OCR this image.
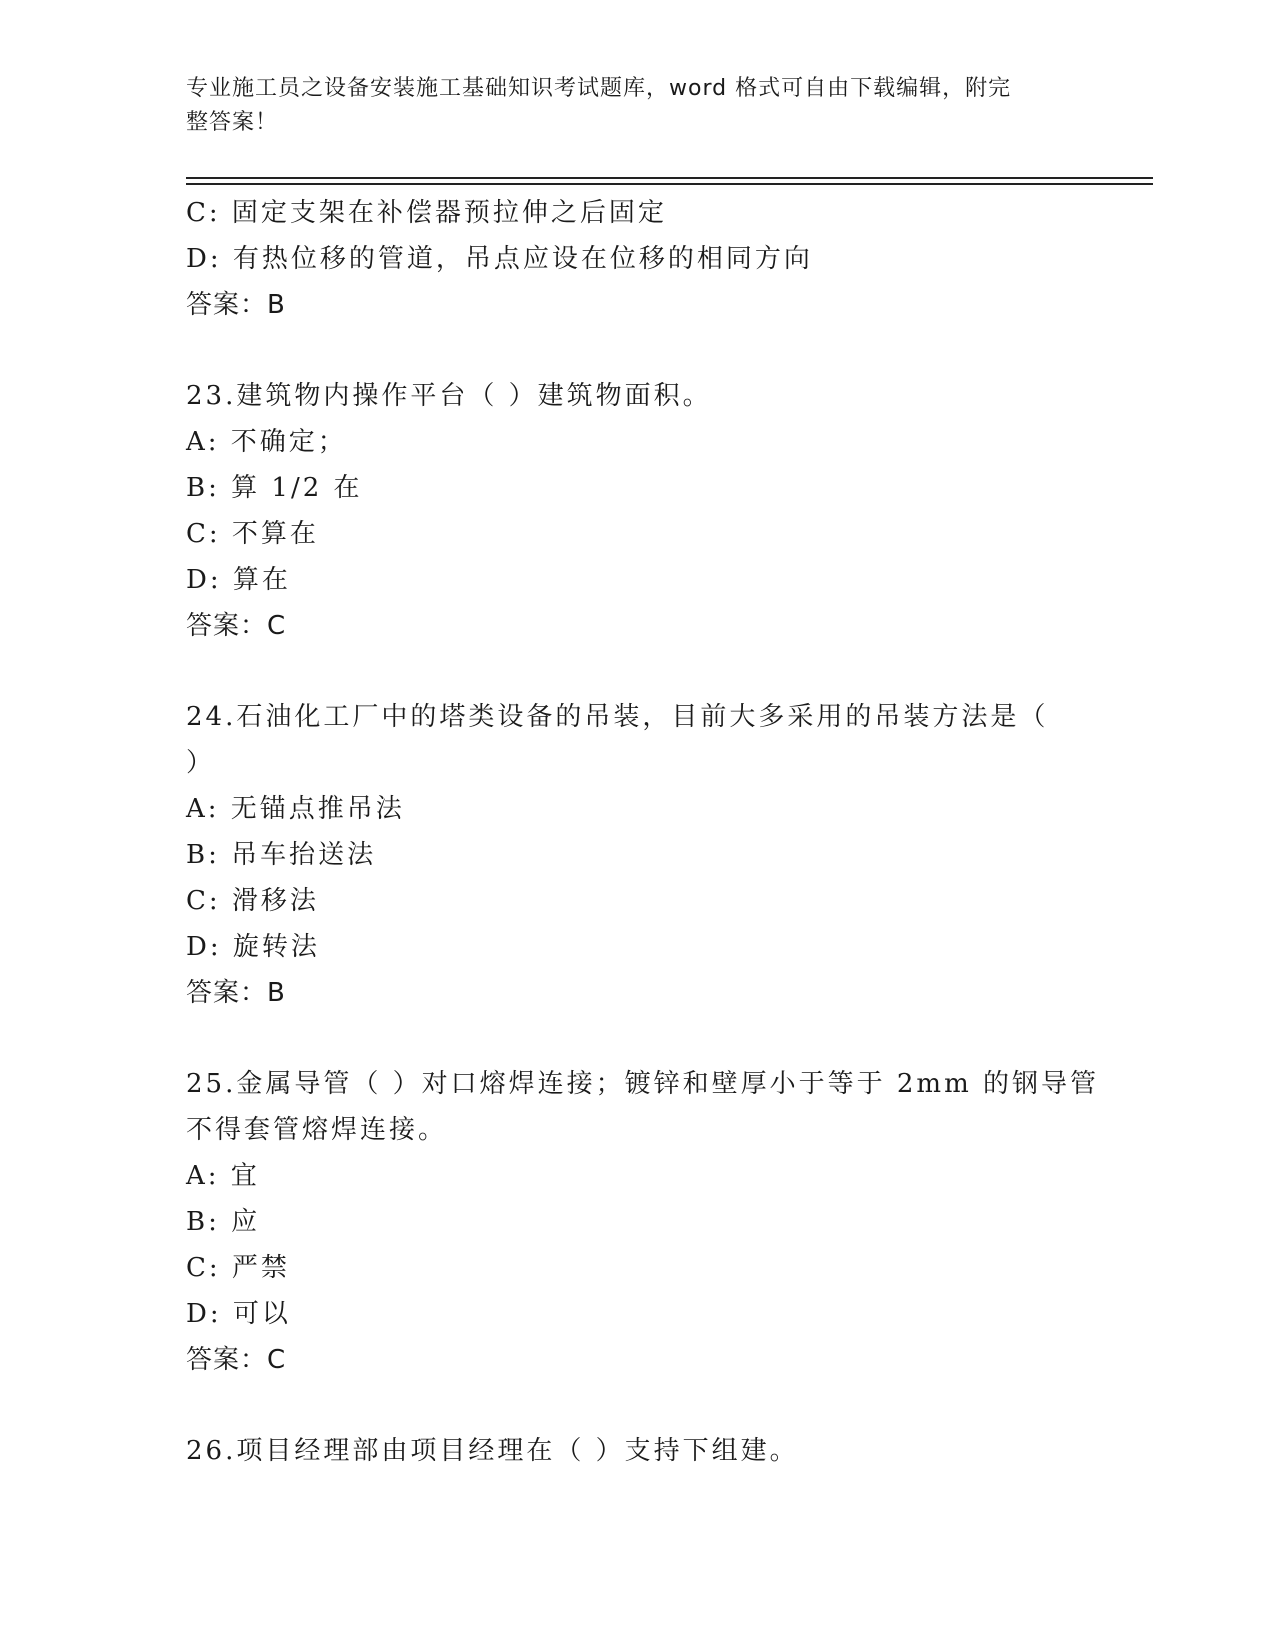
专业施工员之设备安装施工基础知识考试题库，word 格式可自由下载编辑，附完
整答案！
C: 固定支架在补偿器预拉伸之后固定
D: 有热位移的管道，吊点应设在位移的相同方向
答案：B
23.建筑物内操作平台（ ）建筑物面积。
A: 不确定；
B: 算 1/2 在
C: 不算在
D: 算在
答案：C
24.石油化工厂中的塔类设备的吊装，目前大多采用的吊装方法是（
）
A: 无锚点推吊法
B: 吊车抬送法
C: 滑移法
D: 旋转法
答案：B
25.金属导管（ ）对口熔焊连接；镀锌和壁厚小于等于 2mm 的钢导管
不得套管熔焊连接。
A: 宜
B: 应
C: 严禁
D: 可以
答案：C
26.项目经理部由项目经理在（ ）支持下组建。
